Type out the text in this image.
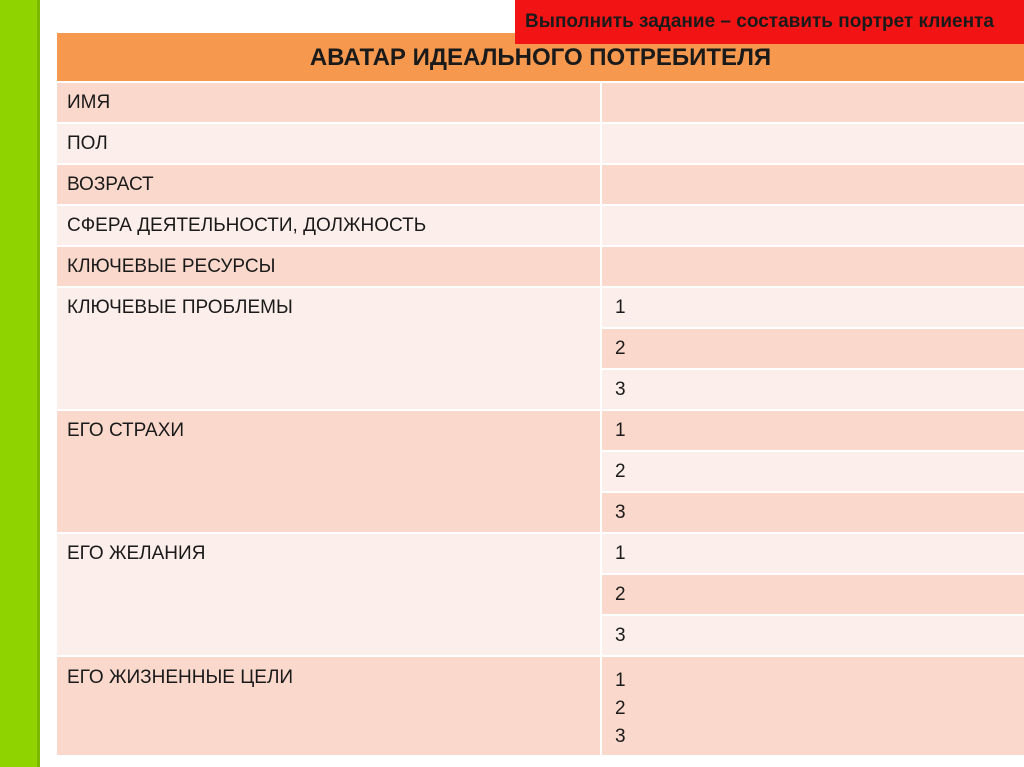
АВАТАР ИДЕАЛЬНОГО ПОТРЕБИТЕЛЯ	
ИМЯ	
ПОЛ	
ВОЗРАСТ	
СФЕРА ДЕЯТЕЛЬНОСТИ, ДОЛЖНОСТЬ	
КЛЮЧЕВЫЕ РЕСУРСЫ	
КЛЮЧЕВЫЕ ПРОБЛЕМЫ	1
	2
	3
ЕГО СТРАХИ	1
	2
	3
ЕГО ЖЕЛАНИЯ	1
	2
	3
ЕГО ЖИЗНЕННЫЕ ЦЕЛИ	1
2
3
Выполнить задание – составить портрет клиента
